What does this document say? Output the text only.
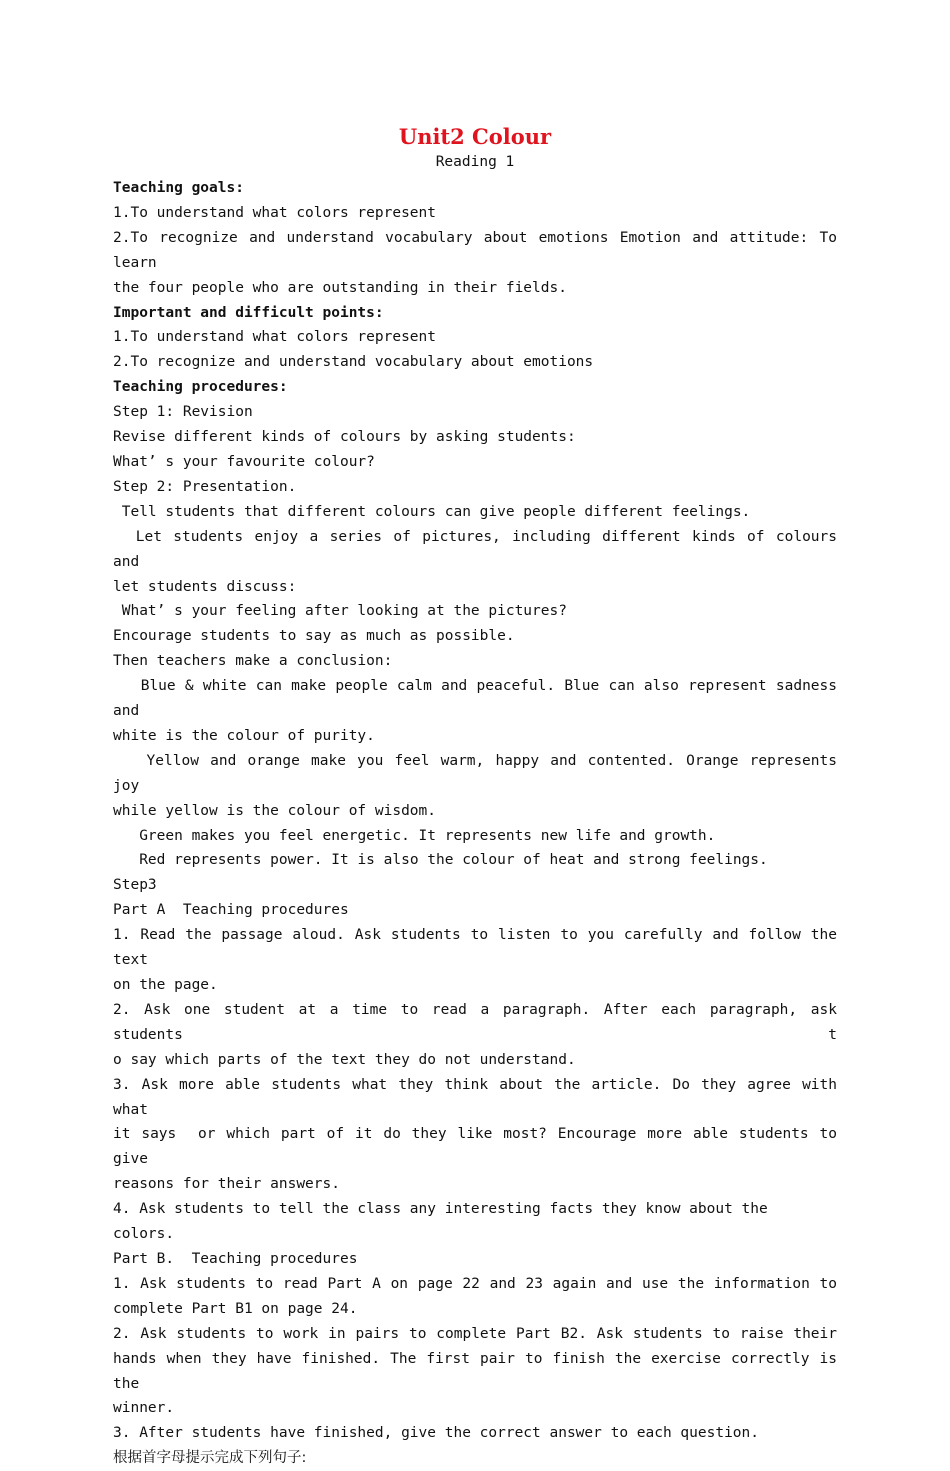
Unit2 Colour

Reading 1

Teaching goals:

1.To understand what colors represent

2.To recognize and understand vocabulary about emotions Emotion and attitude: To learn

the four people who are outstanding in their fields.

Important and difficult points:

1.To understand what colors represent

2.To recognize and understand vocabulary about emotions

Teaching procedures:

Step 1: Revision

Revise different kinds of colours by asking students:

What’ s your favourite colour?

Step 2: Presentation.

Tell students that different colours can give people different feelings.

Let students enjoy a series of pictures, including different kinds of colours and

let students discuss:

What’ s your feeling after looking at the pictures?

Encourage students to say as much as possible.

Then teachers make a conclusion:

Blue & white can make people calm and peaceful. Blue can also represent sadness and

white is the colour of purity.

Yellow and orange make you feel warm, happy and contented. Orange represents joy

while yellow is the colour of wisdom.

Green makes you feel energetic. It represents new life and growth.

Red represents power. It is also the colour of heat and strong feelings.

Step3

Part A  Teaching procedures

1. Read the passage aloud. Ask students to listen to you carefully and follow the text

on the page.

2. Ask one student at a time to read a paragraph. After each paragraph, ask students t

o say which parts of the text they do not understand.

3. Ask more able students what they think about the article. Do they agree with what

it says  or which part of it do they like most? Encourage more able students to give

reasons for their answers.

4. Ask students to tell the class any interesting facts they know about the colors.

Part B.  Teaching procedures

1. Ask students to read Part A on page 22 and 23 again and use the information to

complete Part B1 on page 24.

2. Ask students to work in pairs to complete Part B2. Ask students to raise their

hands when they have finished. The first pair to finish the exercise correctly is the

winner.

3. After students have finished, give the correct answer to each question.

根据首字母提示完成下列句子:
